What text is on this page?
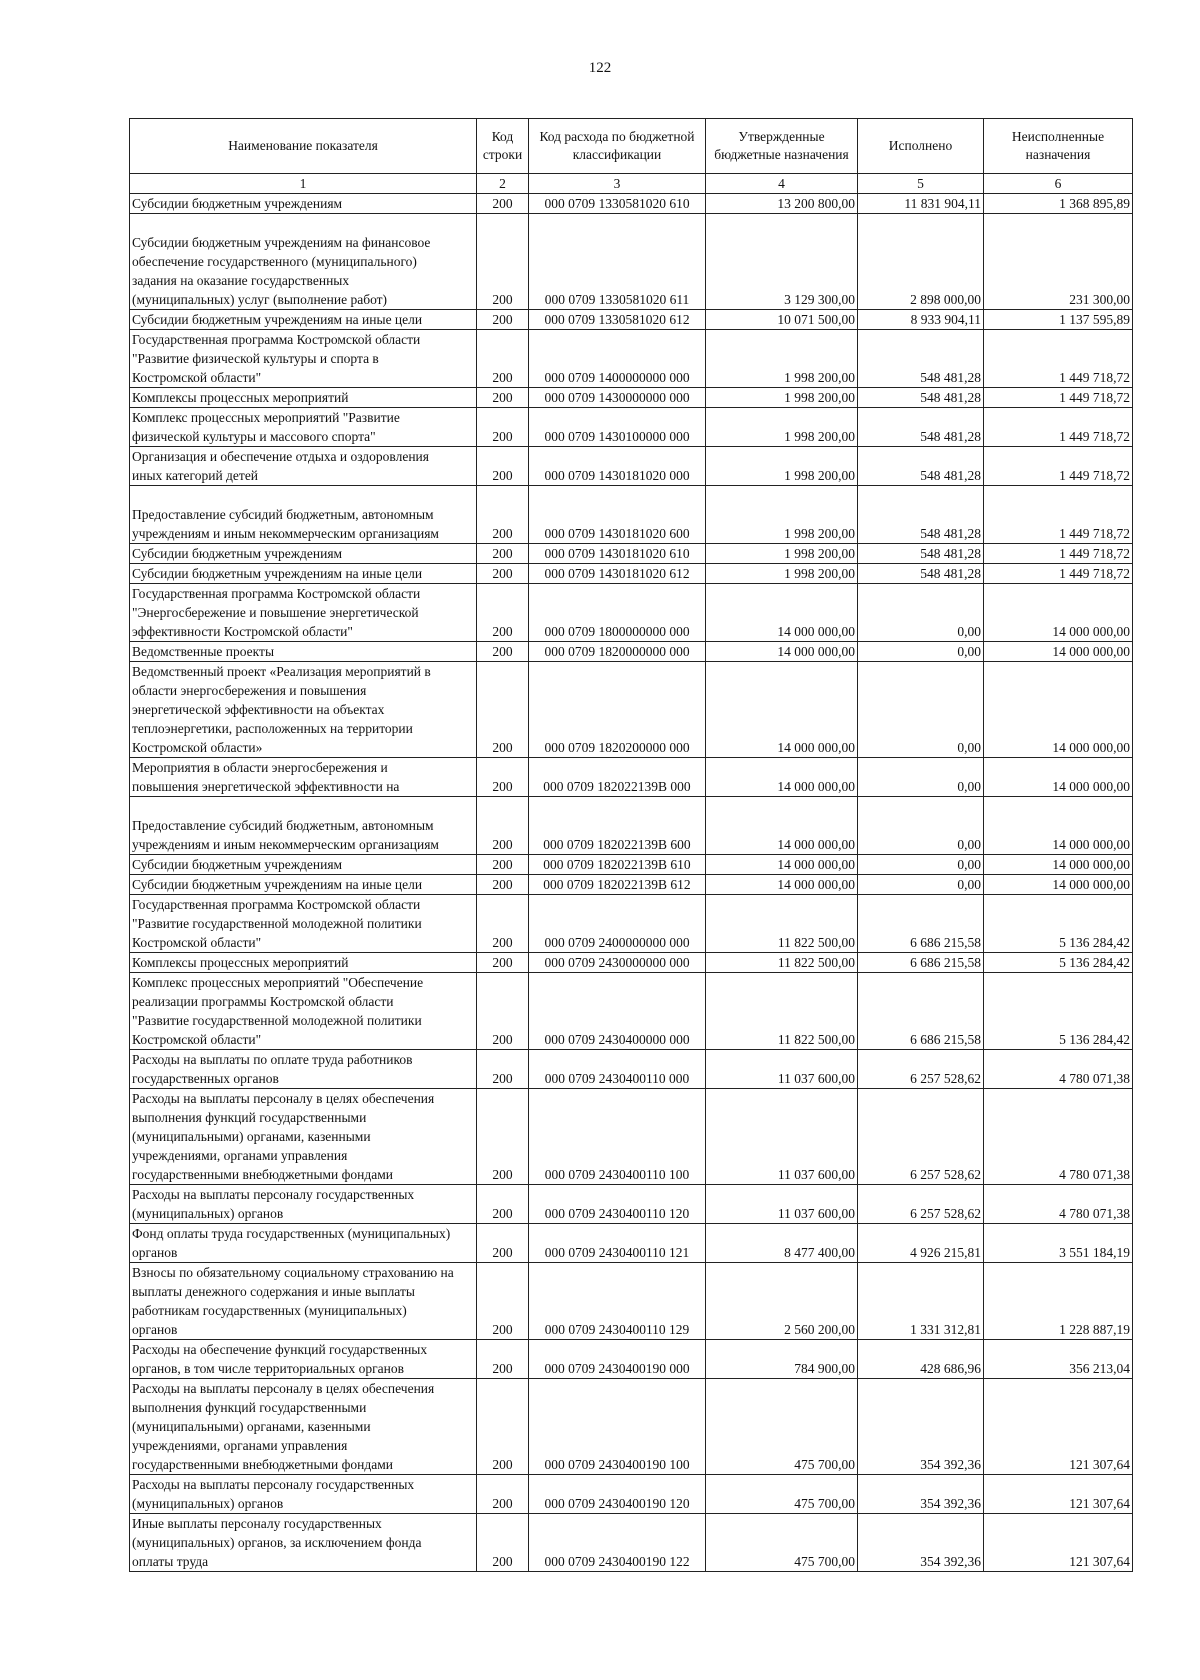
122
Наименование показателя	Код строки	Код расхода по бюджетной классификации	Утвержденные бюджетные назначения	Исполнено	Неисполненные назначения
1	2	3	4	5	6

Субсидии бюджетным учреждениям	200	000 0709 1330581020 610	13 200 800,00	11 831 904,11	1 368 895,89

Субсидии бюджетным учреждениям на финансовое
обеспечение государственного (муниципального)
задания на оказание государственных
(муниципальных) услуг (выполнение работ)	200	000 0709 1330581020 611	3 129 300,00	2 898 000,00	231 300,00

Субсидии бюджетным учреждениям на иные цели	200	000 0709 1330581020 612	10 071 500,00	8 933 904,11	1 137 595,89

Государственная программа Костромской области
"Развитие физической культуры и спорта в
Костромской области"	200	000 0709 1400000000 000	1 998 200,00	548 481,28	1 449 718,72

Комплексы процессных мероприятий	200	000 0709 1430000000 000	1 998 200,00	548 481,28	1 449 718,72

Комплекс процессных мероприятий "Развитие
физической культуры и массового спорта"	200	000 0709 1430100000 000	1 998 200,00	548 481,28	1 449 718,72

Организация и обеспечение отдыха и оздоровления
иных категорий детей	200	000 0709 1430181020 000	1 998 200,00	548 481,28	1 449 718,72

Предоставление субсидий бюджетным, автономным
учреждениям и иным некоммерческим организациям	200	000 0709 1430181020 600	1 998 200,00	548 481,28	1 449 718,72

Субсидии бюджетным учреждениям	200	000 0709 1430181020 610	1 998 200,00	548 481,28	1 449 718,72

Субсидии бюджетным учреждениям на иные цели	200	000 0709 1430181020 612	1 998 200,00	548 481,28	1 449 718,72

Государственная программа Костромской области
"Энергосбережение и повышение энергетической
эффективности Костромской области"	200	000 0709 1800000000 000	14 000 000,00	0,00	14 000 000,00

Ведомственные проекты	200	000 0709 1820000000 000	14 000 000,00	0,00	14 000 000,00

Ведомственный проект «Реализация мероприятий в
области энергосбережения и повышения
энергетической эффективности на объектах
теплоэнергетики, расположенных на территории
Костромской области»	200	000 0709 1820200000 000	14 000 000,00	0,00	14 000 000,00

Мероприятия в области энергосбережения и
повышения энергетической эффективности на	200	000 0709 182022139B 000	14 000 000,00	0,00	14 000 000,00

Предоставление субсидий бюджетным, автономным
учреждениям и иным некоммерческим организациям	200	000 0709 182022139B 600	14 000 000,00	0,00	14 000 000,00

Субсидии бюджетным учреждениям	200	000 0709 182022139B 610	14 000 000,00	0,00	14 000 000,00

Субсидии бюджетным учреждениям на иные цели	200	000 0709 182022139B 612	14 000 000,00	0,00	14 000 000,00

Государственная программа Костромской области
"Развитие государственной молодежной политики
Костромской области"	200	000 0709 2400000000 000	11 822 500,00	6 686 215,58	5 136 284,42

Комплексы процессных мероприятий	200	000 0709 2430000000 000	11 822 500,00	6 686 215,58	5 136 284,42

Комплекс процессных мероприятий "Обеспечение
реализации программы Костромской области
"Развитие государственной молодежной политики
Костромской области"	200	000 0709 2430400000 000	11 822 500,00	6 686 215,58	5 136 284,42

Расходы на выплаты по оплате труда работников
государственных органов	200	000 0709 2430400110 000	11 037 600,00	6 257 528,62	4 780 071,38

Расходы на выплаты персоналу в целях обеспечения
выполнения функций государственными
(муниципальными) органами, казенными
учреждениями, органами управления
государственными внебюджетными фондами	200	000 0709 2430400110 100	11 037 600,00	6 257 528,62	4 780 071,38

Расходы на выплаты персоналу государственных
(муниципальных) органов	200	000 0709 2430400110 120	11 037 600,00	6 257 528,62	4 780 071,38

Фонд оплаты труда государственных (муниципальных)
органов	200	000 0709 2430400110 121	8 477 400,00	4 926 215,81	3 551 184,19

Взносы по обязательному социальному страхованию на
выплаты денежного содержания и иные выплаты
работникам государственных (муниципальных)
органов	200	000 0709 2430400110 129	2 560 200,00	1 331 312,81	1 228 887,19

Расходы на обеспечение функций государственных
органов, в том числе территориальных органов	200	000 0709 2430400190 000	784 900,00	428 686,96	356 213,04

Расходы на выплаты персоналу в целях обеспечения
выполнения функций государственными
(муниципальными) органами, казенными
учреждениями, органами управления
государственными внебюджетными фондами	200	000 0709 2430400190 100	475 700,00	354 392,36	121 307,64

Расходы на выплаты персоналу государственных
(муниципальных) органов	200	000 0709 2430400190 120	475 700,00	354 392,36	121 307,64

Иные выплаты персоналу государственных
(муниципальных) органов, за исключением фонда
оплаты труда	200	000 0709 2430400190 122	475 700,00	354 392,36	121 307,64
